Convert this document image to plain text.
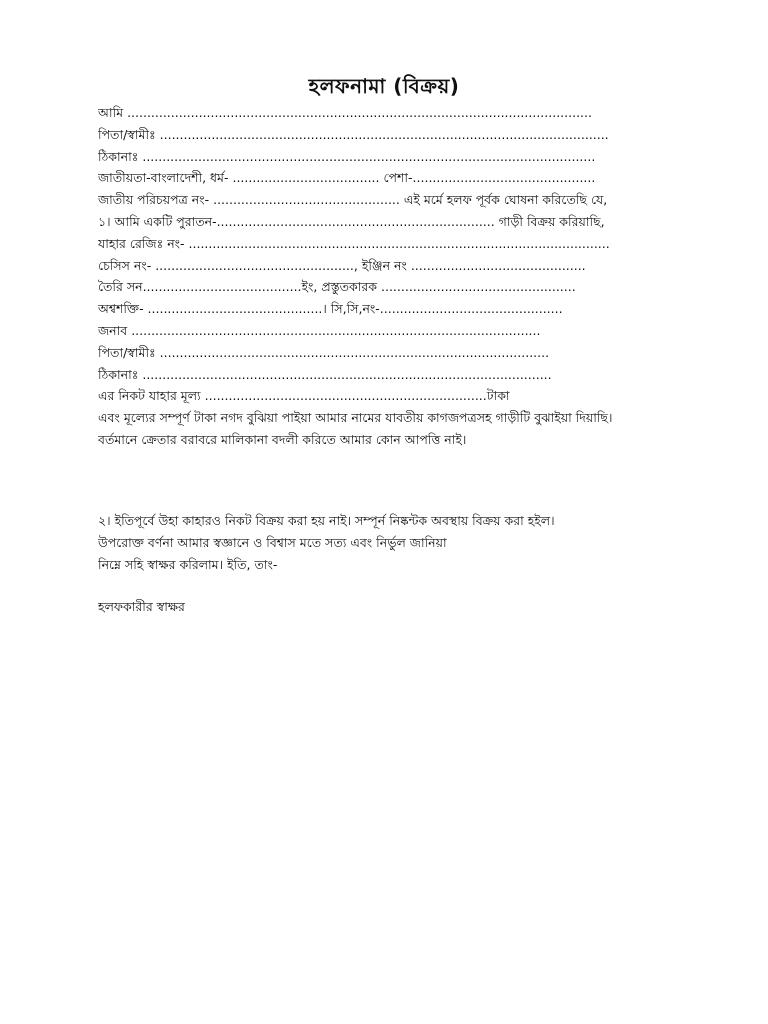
হলফনামা (বিক্রয়)
আমি .....................................................................................................................
পিতা/স্বামীঃ .................................................................................................................
ঠিকানাঃ ..................................................................................................................
জাতীয়তা-বাংলাদেশী, ধর্ম- ..................................... পেশা-..............................................
জাতীয় পরিচয়পত্র নং- ............................................... এই মর্মে হলফ পূর্বক ঘোষনা করিতেছি যে,
১। আমি একটি পুরাতন-...................................................................... গাড়ী বিক্রয় করিয়াছি,
যাহার রেজিঃ নং- ..........................................................................................................
চেসিস নং- .................................................., ইঞ্জিন নং ............................................
তৈরি সন........................................ইং, প্রস্তুতকারক .................................................
অশ্বশক্তি- ............................................। সি,সি,নং-..............................................
জনাব .......................................................................................................
পিতা/স্বামীঃ ..................................................................................................
ঠিকানাঃ .......................................................................................................
এর নিকট যাহার মূল্য .......................................................................টাকা
এবং মূল্যের সম্পূর্ণ টাকা নগদ বুঝিয়া পাইয়া আমার নামের যাবতীয় কাগজপত্রসহ গাড়ীটি বুঝাইয়া দিয়াছি।
বর্তমানে ক্রেতার বরাবরে মালিকানা বদলী করিতে আমার কোন আপত্তি নাই।
২। ইতিপূর্বে উহা কাহারও নিকট বিক্রয় করা হয় নাই। সম্পূর্ন নিষ্কন্টক অবস্থায় বিক্রয় করা হইল।
উপরোক্ত বর্ণনা আমার স্বজ্ঞানে ও বিশ্বাস মতে সত্য এবং নির্ভুল জানিয়া
নিম্নে সহি স্বাক্ষর করিলাম। ইতি, তাং-
হলফকারীর স্বাক্ষর
